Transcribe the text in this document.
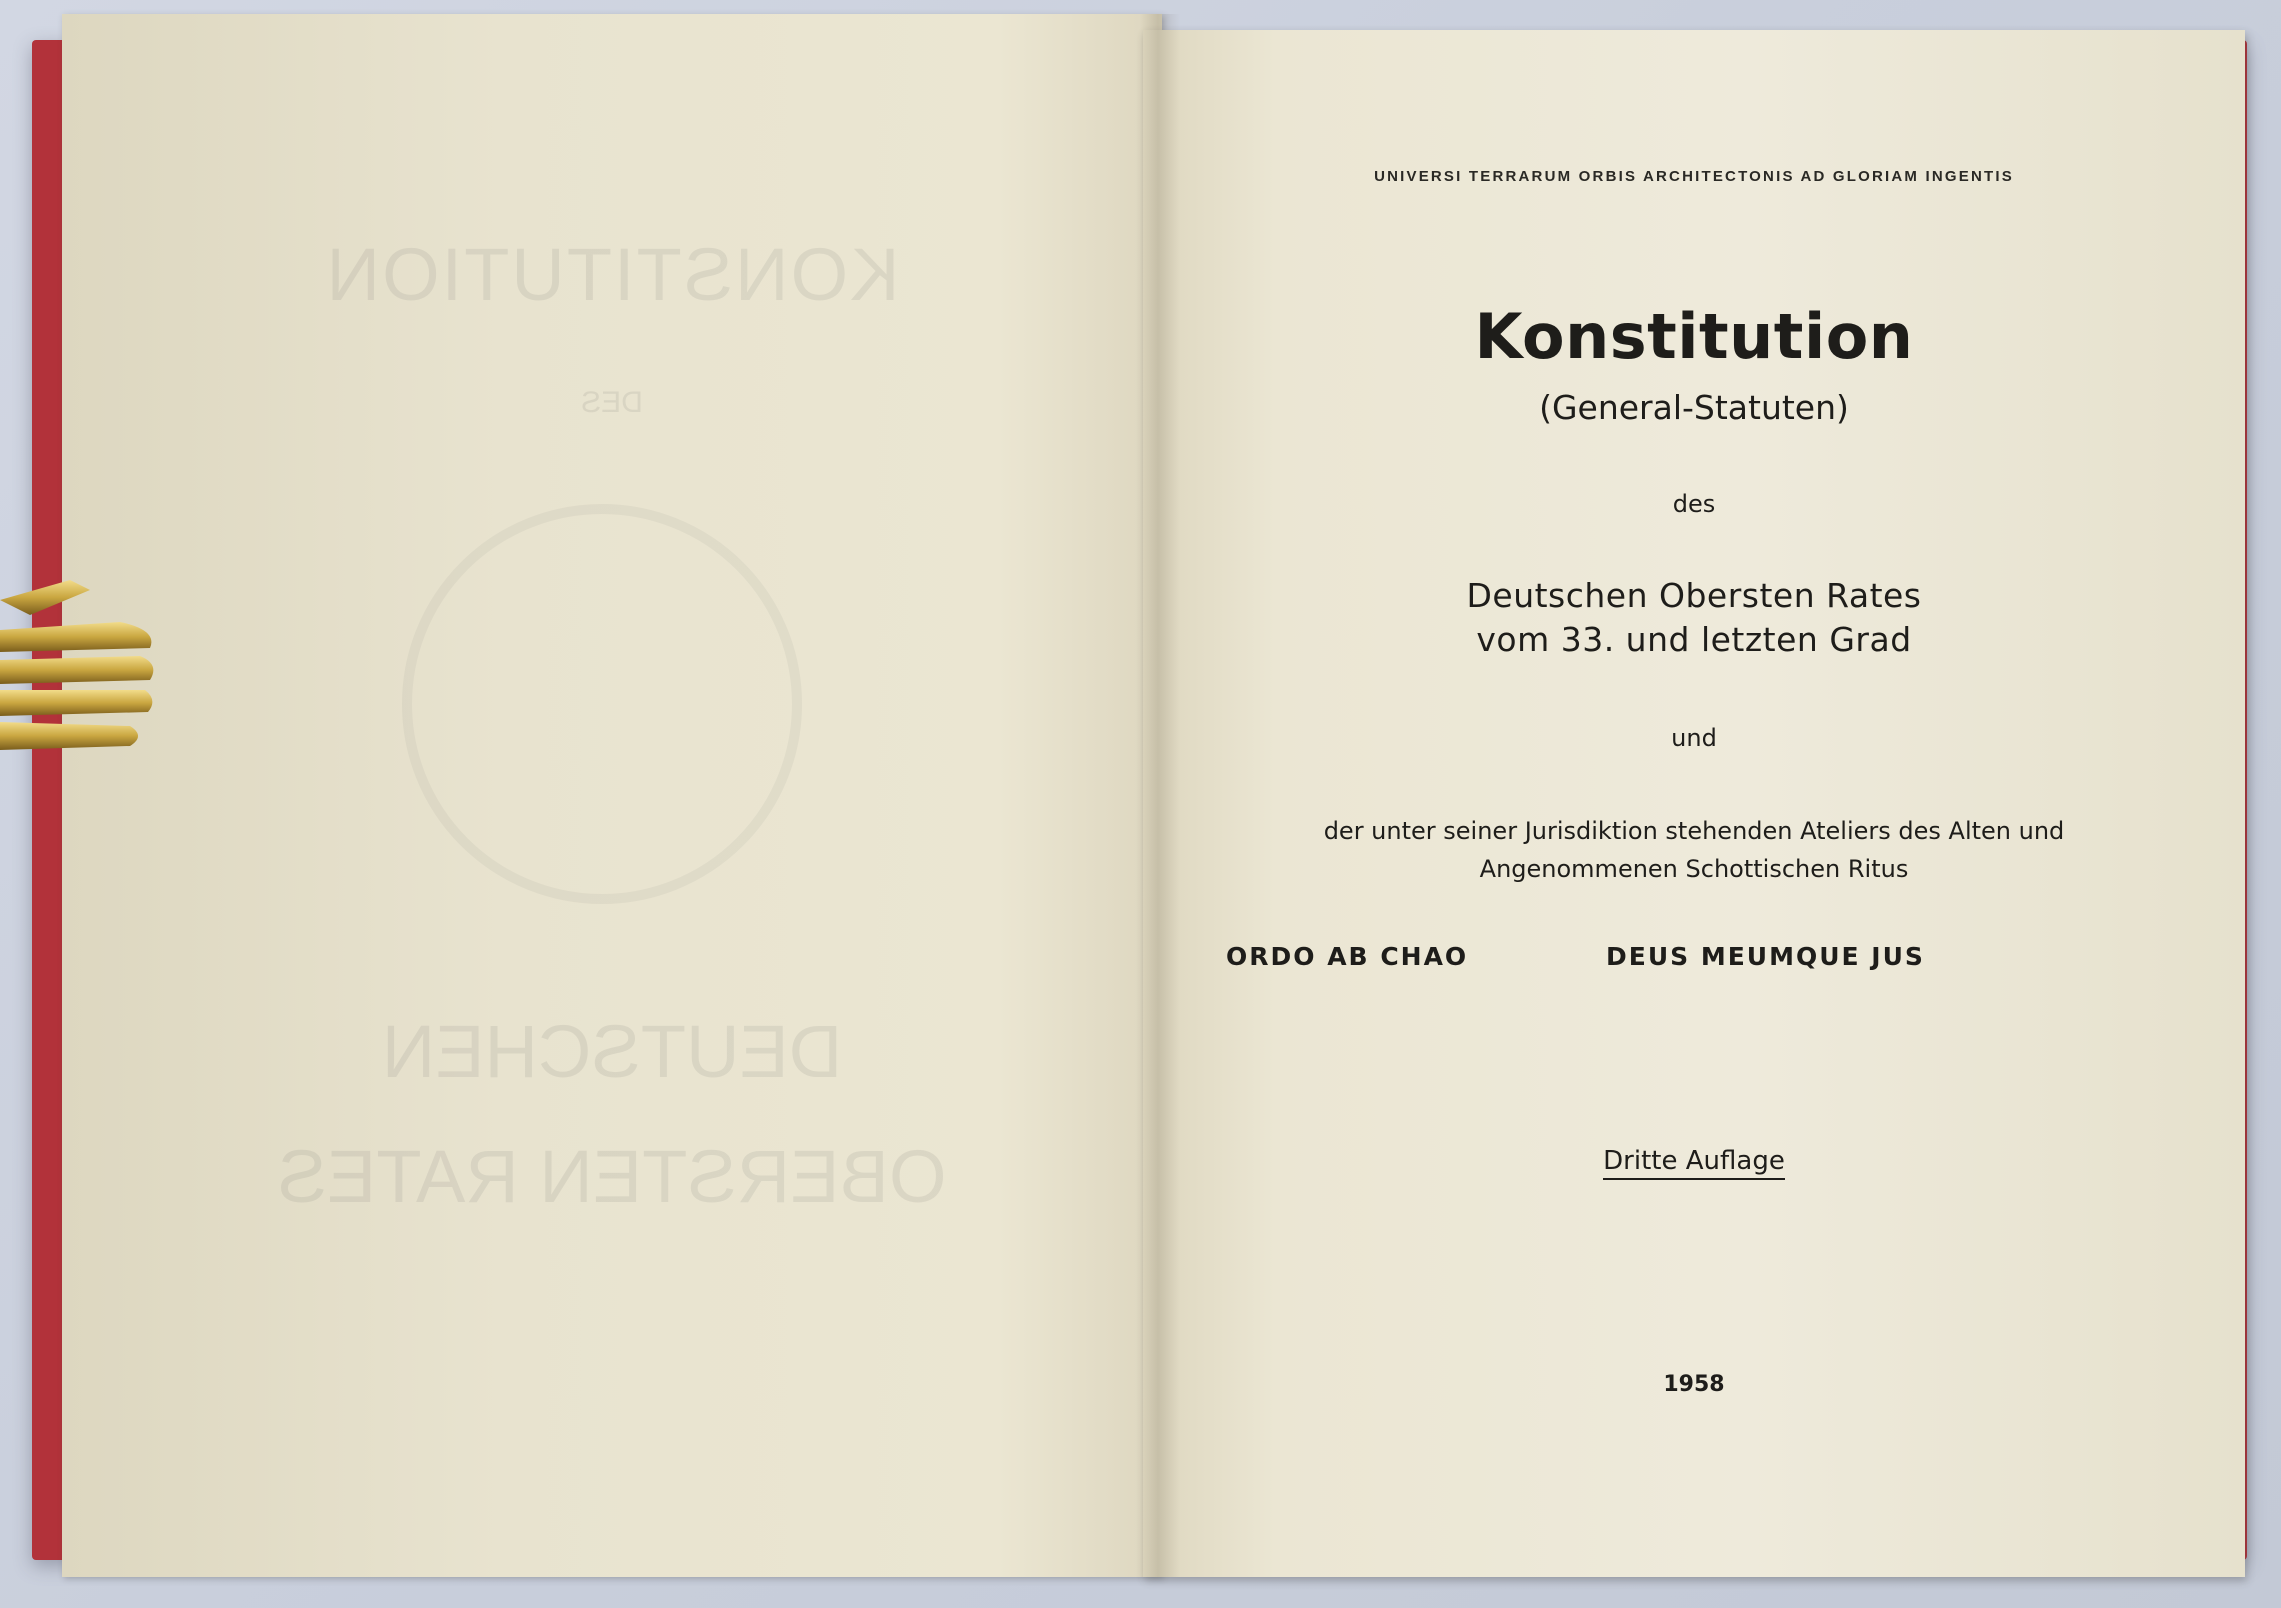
KONSTITUTION
DES
DEUTSCHEN
OBERSTEN RATES
UNIVERSI TERRARUM ORBIS ARCHITECTONIS AD GLORIAM INGENTIS
Konstitution
(General-Statuten)
des
Deutschen Obersten Rates
vom 33. und letzten Grad
und
der unter seiner Jurisdiktion stehenden Ateliers des Alten und
Angenommenen Schottischen Ritus
ORDO AB CHAO	DEUS MEUMQUE JUS
Dritte Auflage
1958
